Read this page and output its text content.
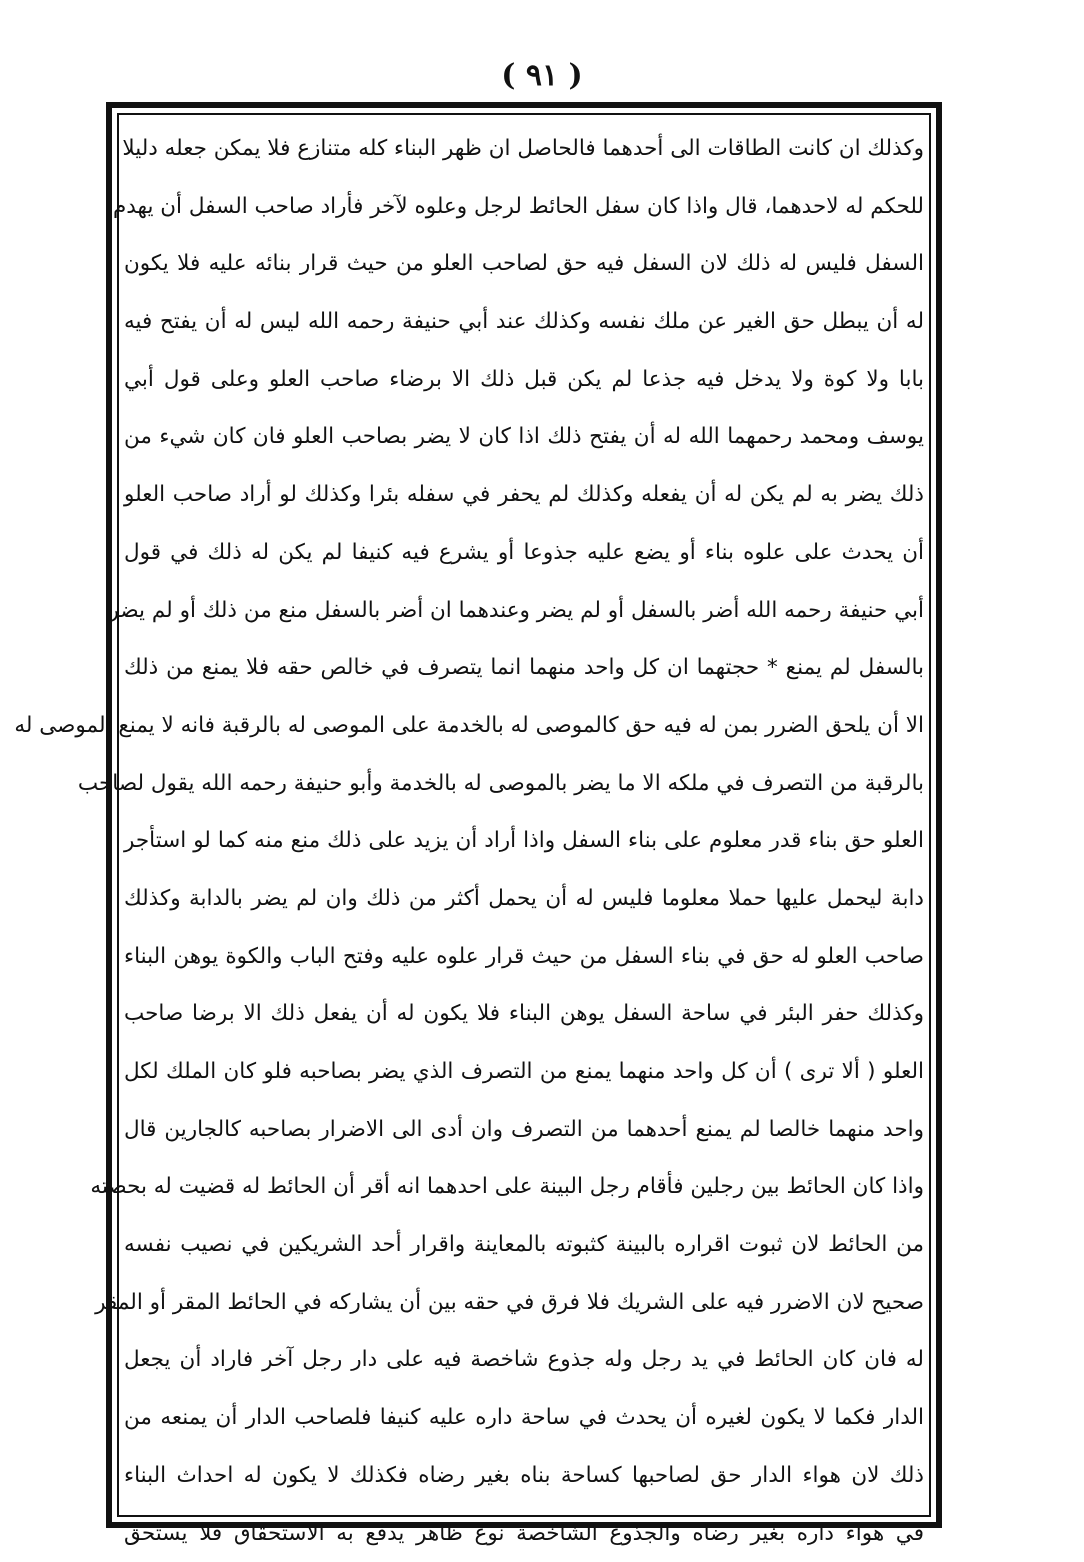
( ٩١ )
وكذلك ان كانت الطاقات الى أحدهما فالحاصل ان ظهر البناء كله متنازع فلا يمكن جعله دليلا
للحكم له لاحدهما، قال واذا كان سفل الحائط لرجل وعلوه لآخر فأراد صاحب السفل أن يهدم
السفل فليس له ذلك لان السفل فيه حق لصاحب العلو من حيث قرار بنائه عليه فلا يكون
له أن يبطل حق الغير عن ملك نفسه وكذلك عند أبي حنيفة رحمه الله ليس له أن يفتح فيه
بابا ولا كوة ولا يدخل فيه جذعا لم يكن قبل ذلك الا برضاء صاحب العلو وعلى قول أبي
يوسف ومحمد رحمهما الله له أن يفتح ذلك اذا كان لا يضر بصاحب العلو فان كان شيء من
ذلك يضر به لم يكن له أن يفعله وكذلك لم يحفر في سفله بئرا وكذلك لو أراد صاحب العلو
أن يحدث على علوه بناء أو يضع عليه جذوعا أو يشرع فيه كنيفا لم يكن له ذلك في قول
أبي حنيفة رحمه الله أضر بالسفل أو لم يضر وعندهما ان أضر بالسفل منع من ذلك أو لم يضر
بالسفل لم يمنع * حجتهما ان كل واحد منهما انما يتصرف في خالص حقه فلا يمنع من ذلك
الا أن يلحق الضرر بمن له فيه حق كالموصى له بالخدمة على الموصى له بالرقبة فانه لا يمنع الموصى له
بالرقبة من التصرف في ملكه الا ما يضر بالموصى له بالخدمة وأبو حنيفة رحمه الله يقول لصاحب
العلو حق بناء قدر معلوم على بناء السفل واذا أراد أن يزيد على ذلك منع منه كما لو استأجر
دابة ليحمل عليها حملا معلوما فليس له أن يحمل أكثر من ذلك وان لم يضر بالدابة وكذلك
صاحب العلو له حق في بناء السفل من حيث قرار علوه عليه وفتح الباب والكوة يوهن البناء
وكذلك حفر البئر في ساحة السفل يوهن البناء فلا يكون له أن يفعل ذلك الا برضا صاحب
العلو ( ألا ترى ) أن كل واحد منهما يمنع من التصرف الذي يضر بصاحبه فلو كان الملك لكل
واحد منهما خالصا لم يمنع أحدهما من التصرف وان أدى الى الاضرار بصاحبه كالجارين قال
واذا كان الحائط بين رجلين فأقام رجل البينة على احدهما انه أقر أن الحائط له قضيت له بحصته
من الحائط لان ثبوت اقراره بالبينة كثبوته بالمعاينة واقرار أحد الشريكين في نصيب نفسه
صحيح لان الاضرر فيه على الشريك فلا فرق في حقه بين أن يشاركه في الحائط المقر أو المقر
له فان كان الحائط في يد رجل وله جذوع شاخصة فيه على دار رجل آخر فاراد أن يجعل
الدار فكما لا يكون لغيره أن يحدث في ساحة داره عليه كنيفا فلصاحب الدار أن يمنعه من
ذلك لان هواء الدار حق لصاحبها كساحة بناه بغير رضاه فكذلك لا يكون له احداث البناء
في هواء داره بغير رضاه والجذوع الشاخصة نوع ظاهر يدفع به الاستحقاق فلا يستحق
